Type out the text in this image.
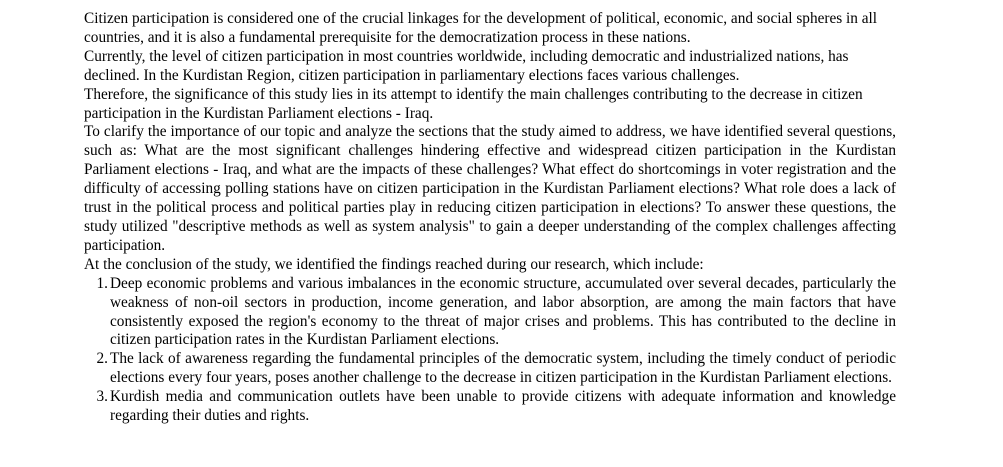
Citizen participation is considered one of the crucial linkages for the development of political, economic, and social spheres in all countries, and it is also a fundamental prerequisite for the democratization process in these nations.

Currently, the level of citizen participation in most countries worldwide, including democratic and industrialized nations, has declined. In the Kurdistan Region, citizen participation in parliamentary elections faces various challenges.

Therefore, the significance of this study lies in its attempt to identify the main challenges contributing to the decrease in citizen participation in the Kurdistan Parliament elections - Iraq.

To clarify the importance of our topic and analyze the sections that the study aimed to address, we have identified several questions, such as: What are the most significant challenges hindering effective and widespread citizen participation in the Kurdistan Parliament elections - Iraq, and what are the impacts of these challenges? What effect do shortcomings in voter registration and the difficulty of accessing polling stations have on citizen participation in the Kurdistan Parliament elections? What role does a lack of trust in the political process and political parties play in reducing citizen participation in elections? To answer these questions, the study utilized "descriptive methods as well as system analysis" to gain a deeper understanding of the complex challenges affecting participation.

At the conclusion of the study, we identified the findings reached during our research, which include:

1. Deep economic problems and various imbalances in the economic structure, accumulated over several decades, particularly the weakness of non-oil sectors in production, income generation, and labor absorption, are among the main factors that have consistently exposed the region's economy to the threat of major crises and problems. This has contributed to the decline in citizen participation rates in the Kurdistan Parliament elections.
2. The lack of awareness regarding the fundamental principles of the democratic system, including the timely conduct of periodic elections every four years, poses another challenge to the decrease in citizen participation in the Kurdistan Parliament elections.
3. Kurdish media and communication outlets have been unable to provide citizens with adequate information and knowledge regarding their duties and rights.
